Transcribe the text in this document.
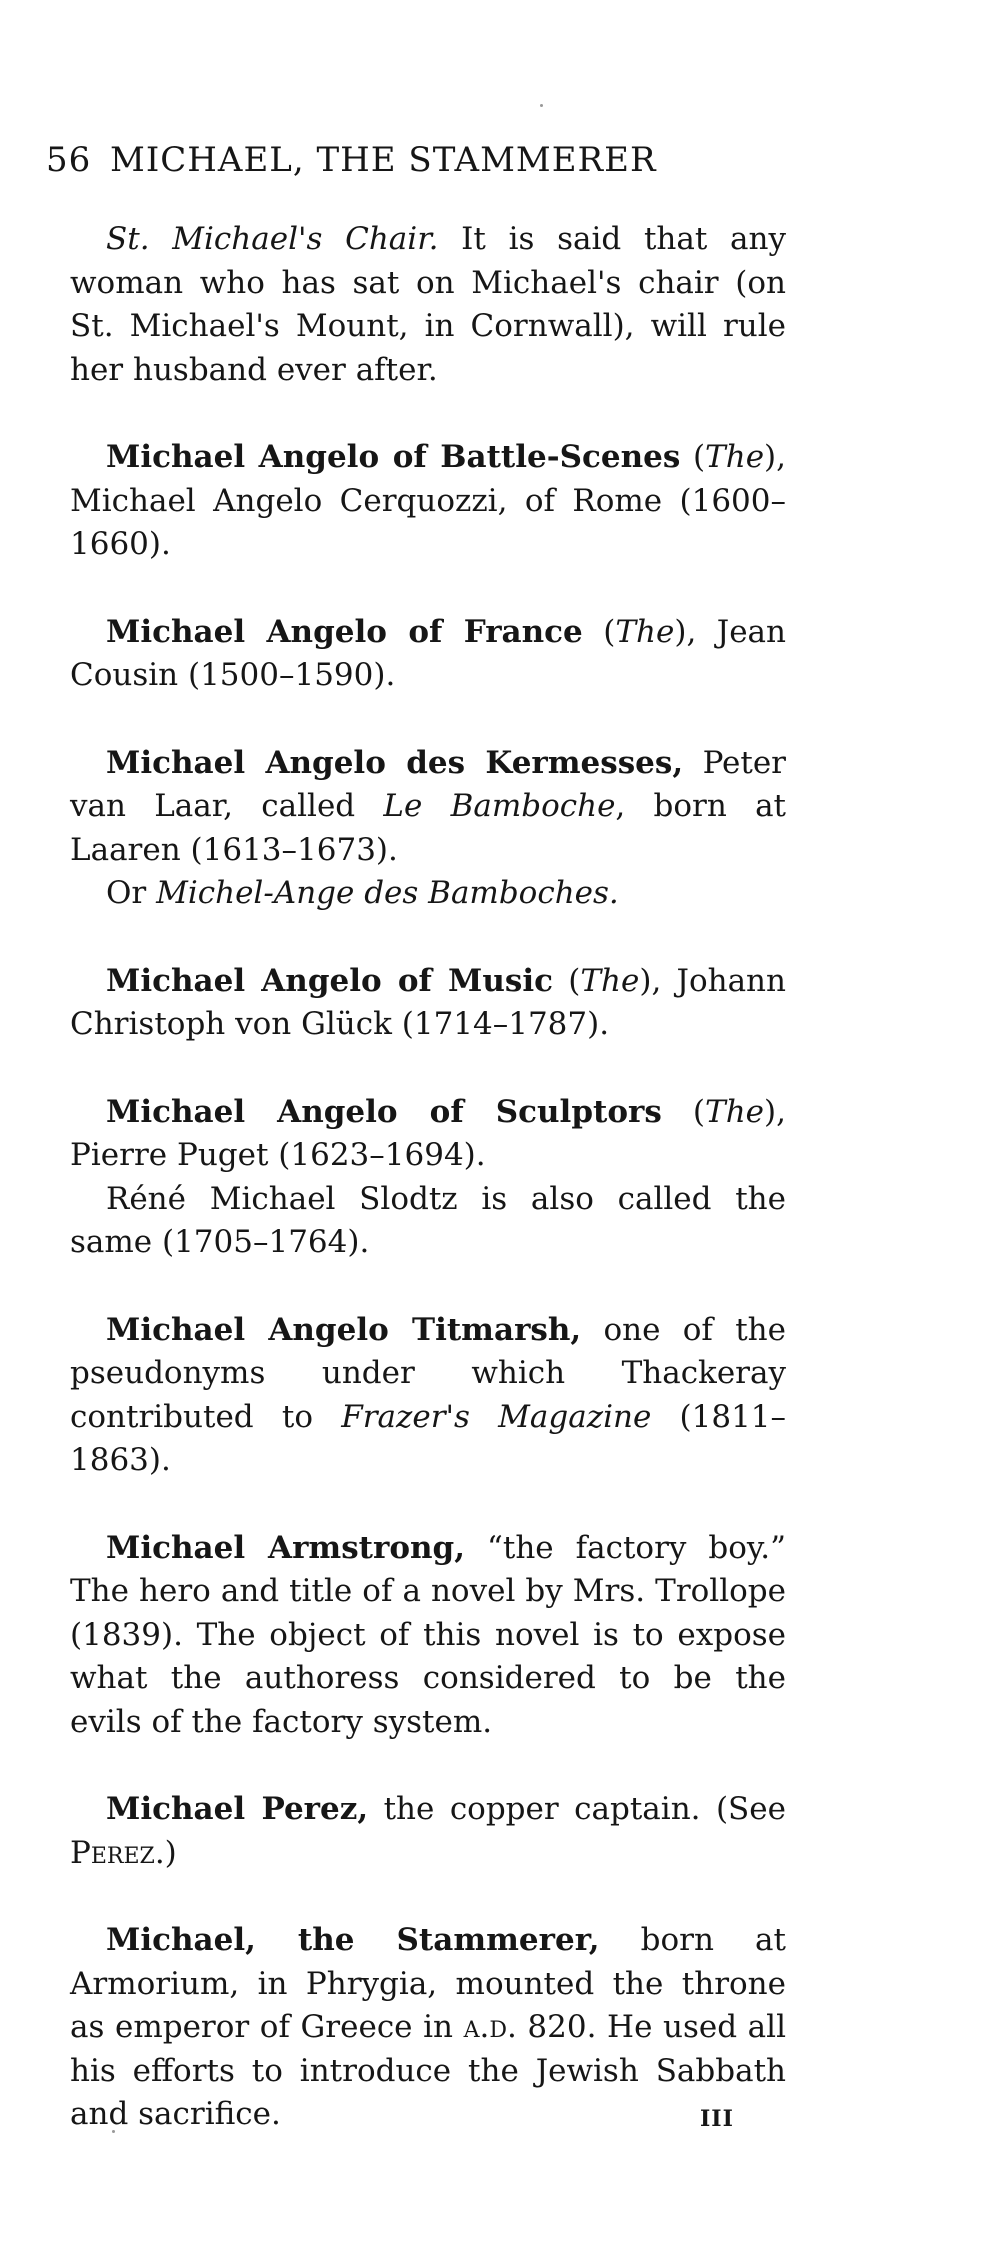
56 MICHAEL, THE STAMMERER

St. Michael's Chair. It is said that any woman who has sat on Michael's chair (on St. Michael's Mount, in Cornwall), will rule her husband ever after.

Michael Angelo of Battle-Scenes (The), Michael Angelo Cerquozzi, of Rome (1600–1660).

Michael Angelo of France (The), Jean Cousin (1500–1590).

Michael Angelo des Kermesses, Peter van Laar, called Le Bamboche, born at Laaren (1613–1673).

Or Michel-Ange des Bamboches.

Michael Angelo of Music (The), Johann Christoph von Glück (1714–1787).

Michael Angelo of Sculptors (The), Pierre Puget (1623–1694).

Réné Michael Slodtz is also called the same (1705–1764).

Michael Angelo Titmarsh, one of the pseudonyms under which Thackeray contributed to Frazer's Magazine (1811–1863).

Michael Armstrong, “the factory boy.” The hero and title of a novel by Mrs. Trollope (1839). The object of this novel is to expose what the authoress considered to be the evils of the factory system.

Michael Perez, the copper captain. (See Perez.)

Michael, the Stammerer, born at Armorium, in Phrygia, mounted the throne as emperor of Greece in a.d. 820. He used all his efforts to introduce the Jewish Sabbath and sacrifice.	III
